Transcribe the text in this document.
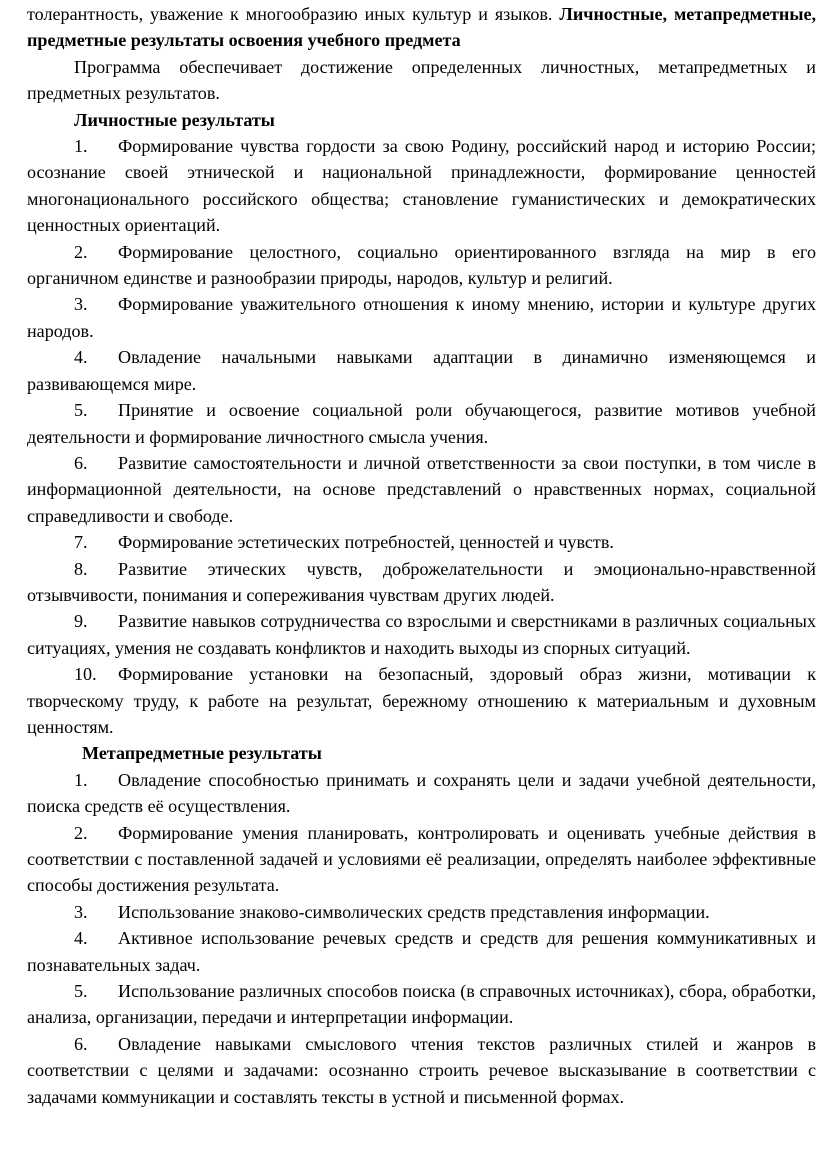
толерантность, уважение к многообразию иных культур и языков. Личностные, метапредметные, предметные результаты освоения учебного предмета

Программа обеспечивает достижение определенных личностных, метапредметных и предметных результатов.

Личностные результаты

1. Формирование чувства гордости за свою Родину, российский народ и историю России; осознание своей этнической и национальной принадлежности, формирование ценностей многонационального российского общества; становление гуманистических и демократических ценностных ориентаций.

2. Формирование целостного, социально ориентированного взгляда на мир в его органичном единстве и разнообразии природы, народов, культур и религий.

3. Формирование уважительного отношения к иному мнению, истории и культуре других народов.

4. Овладение начальными навыками адаптации в динамично изменяющемся и развивающемся мире.

5. Принятие и освоение социальной роли обучающегося, развитие мотивов учебной деятельности и формирование личностного смысла учения.

6. Развитие самостоятельности и личной ответственности за свои поступки, в том числе в информационной деятельности, на основе представлений о нравственных нормах, социальной справедливости и свободе.

7. Формирование эстетических потребностей, ценностей и чувств.

8. Развитие этических чувств, доброжелательности и эмоционально-нравственной отзывчивости, понимания и сопереживания чувствам других людей.

9. Развитие навыков сотрудничества со взрослыми и сверстниками в различных социальных ситуациях, умения не создавать конфликтов и находить выходы из спорных ситуаций.

10. Формирование установки на безопасный, здоровый образ жизни, мотивации к творческому труду, к работе на результат, бережному отношению к материальным и духовным ценностям.

Метапредметные результаты

1. Овладение способностью принимать и сохранять цели и задачи учебной деятельности, поиска средств её осуществления.

2. Формирование умения планировать, контролировать и оценивать учебные действия в соответствии с поставленной задачей и условиями её реализации, определять наиболее эффективные способы достижения результата.

3. Использование знаково-символических средств представления информации.

4. Активное использование речевых средств и средств для решения коммуникативных и познавательных задач.

5. Использование различных способов поиска (в справочных источниках), сбора, обработки, анализа, организации, передачи и интерпретации информации.

6. Овладение навыками смыслового чтения текстов различных стилей и жанров в соответствии с целями и задачами: осознанно строить речевое высказывание в соответствии с задачами коммуникации и составлять тексты в устной и письменной формах.
